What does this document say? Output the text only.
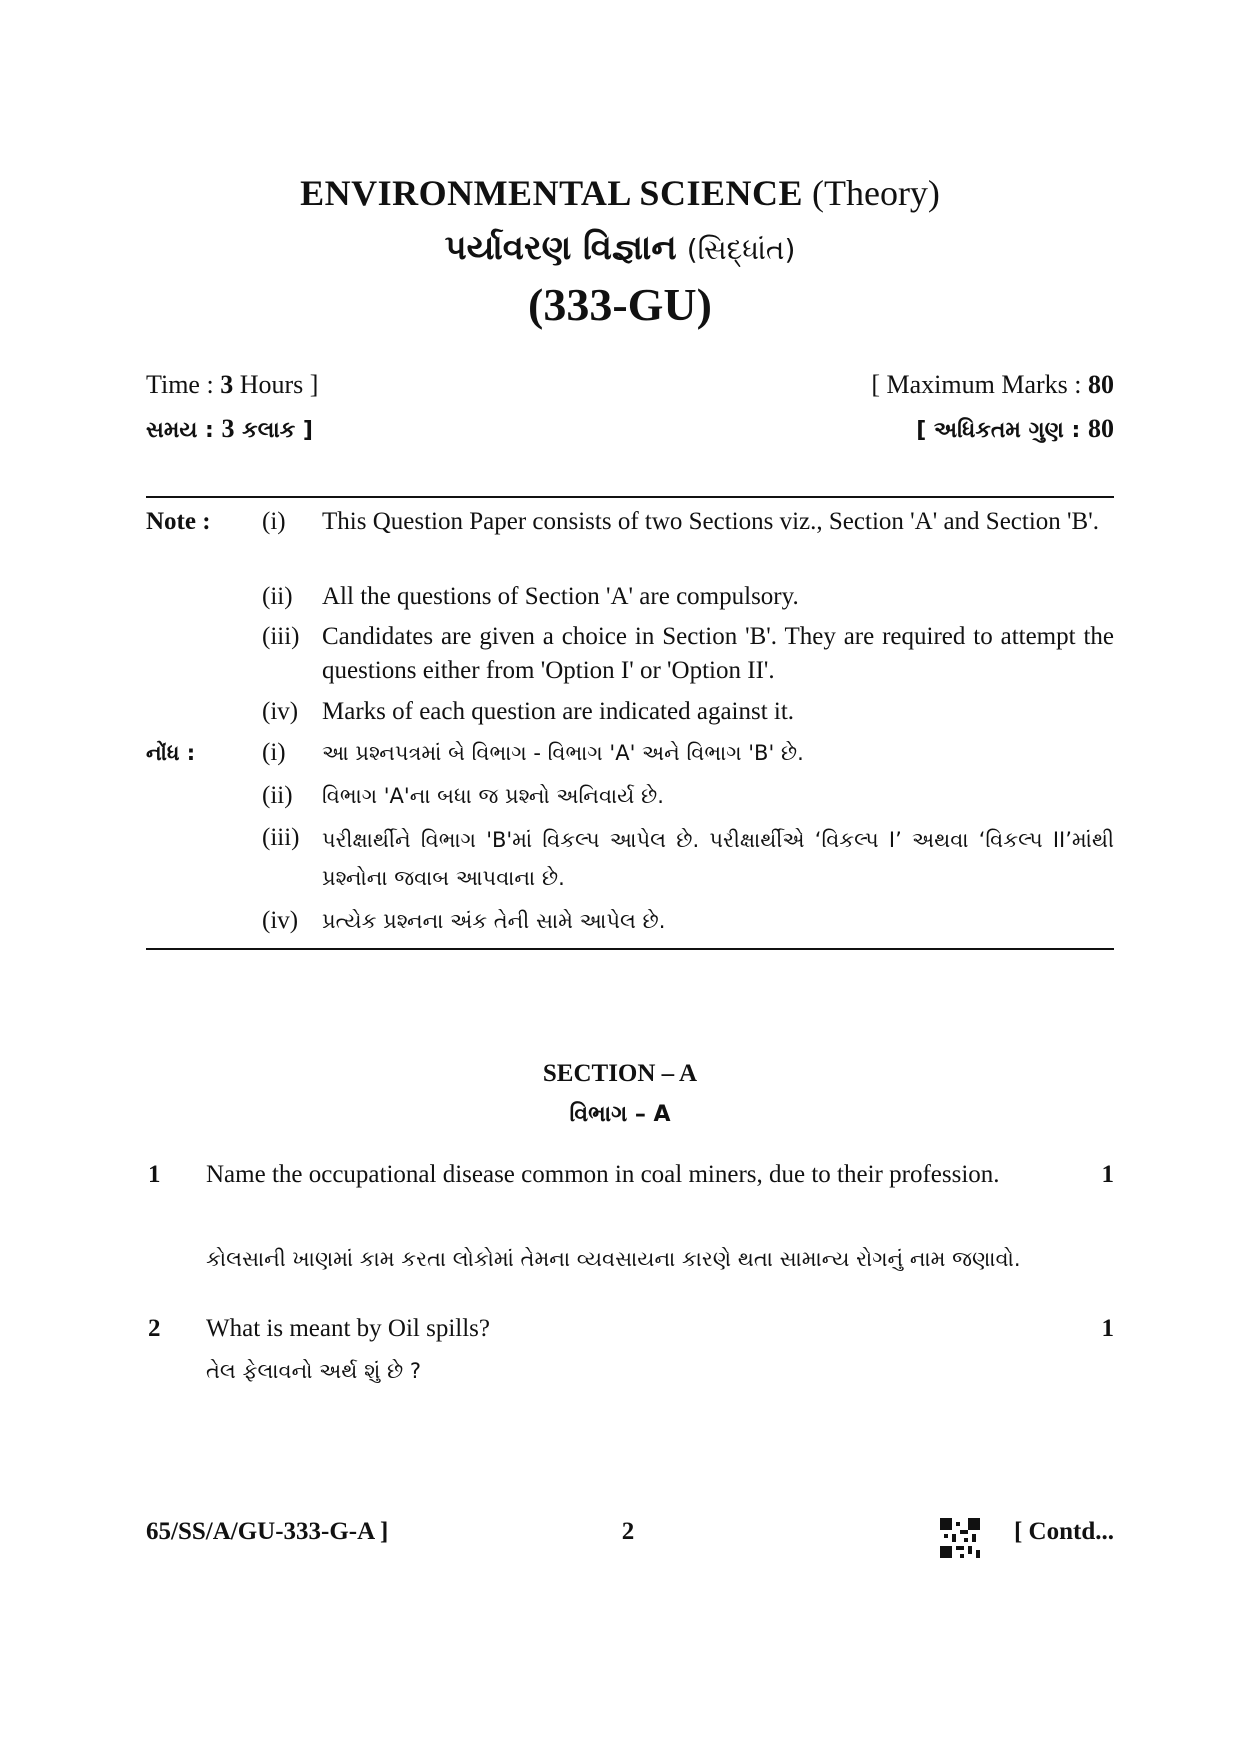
ENVIRONMENTAL SCIENCE (Theory)
પર્યાવરણ વિજ્ઞાન (સિદ્ધાંત)
(333-GU)
Time : 3 Hours ]	[ Maximum Marks : 80
સમય : 3 કલાક ]	[ અધિકતમ ગુણ : 80
Note : (i) This Question Paper consists of two Sections viz., Section 'A' and Section 'B'.
(ii) All the questions of Section 'A' are compulsory.
(iii) Candidates are given a choice in Section 'B'. They are required to attempt the questions either from 'Option I' or 'Option II'.
(iv) Marks of each question are indicated against it.
નોંધ :	(i) આ પ્રશ્નપત્રમાં બે વિભાગ - વિભાગ 'A' અને વિભાગ 'B' છે.
(ii) વિભાગ 'A'ના બધા જ પ્રશ્નો અનિવાર્ય છે.
(iii) પરીક્ષાર્થીને વિભાગ 'B'માં વિકલ્પ આપેલ છે. પરીક્ષાર્થીએ ‘વિકલ્પ I’ અથવા ‘વિકલ્પ II’માંથી પ્રશ્નોના જવાબ આપવાના છે.
(iv) પ્રત્યેક પ્રશ્નના અંક તેની સામે આપેલ છે.
SECTION – A
વિભાગ – A
1 Name the occupational disease common in coal miners, due to their profession.	1
કોલસાની ખાણમાં કામ કરતા લોકોમાં તેમના વ્યવસાયના કારણે થતા સામાન્ય રોગનું નામ જણાવો.
2 What is meant by Oil spills?	1
તેલ ફેલાવનો અર્થ શું છે ?
65/SS/A/GU-333-G-A ]	2	[ Contd...
